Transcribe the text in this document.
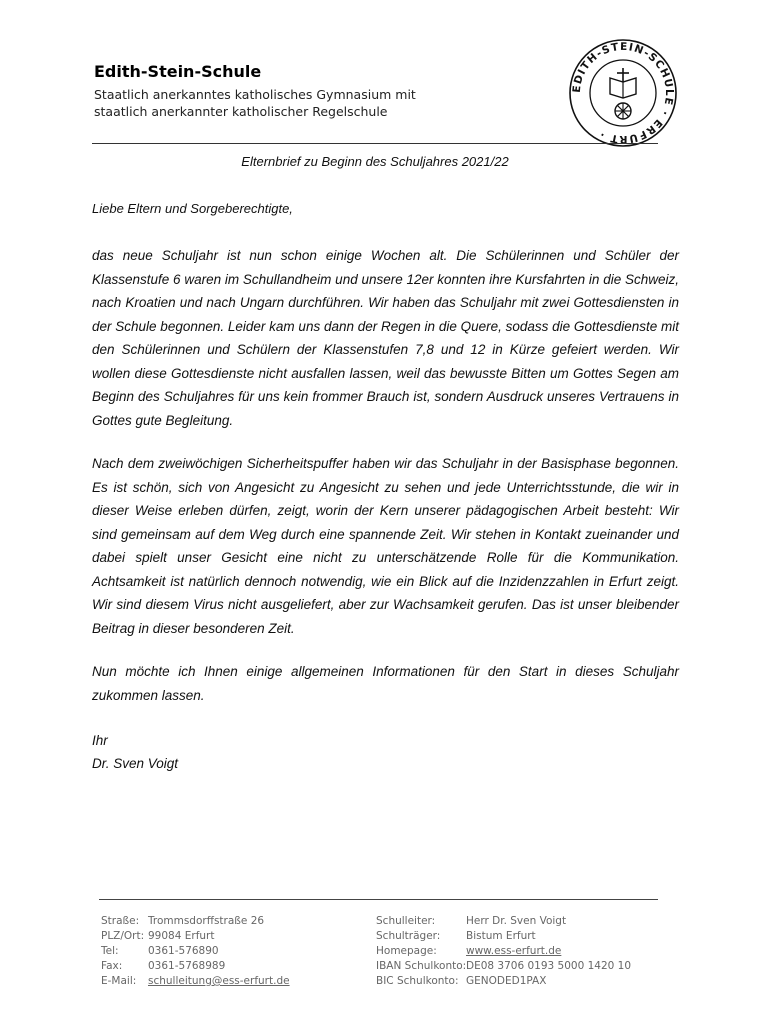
Edith-Stein-Schule
Staatlich anerkanntes katholisches Gymnasium mit
staatlich anerkannter katholischer Regelschule
EDITH-STEIN-SCHULE · ERFURT ·
Elternbrief zu Beginn des Schuljahres 2021/22
Liebe Eltern und Sorgeberechtigte,

das neue Schuljahr ist nun schon einige Wochen alt. Die Schülerinnen und Schüler der Klassenstufe 6 waren im Schullandheim und unsere 12er konnten ihre Kursfahrten in die Schweiz, nach Kroatien und nach Ungarn durchführen. Wir haben das Schuljahr mit zwei Gottesdiensten in der Schule begonnen. Leider kam uns dann der Regen in die Quere, sodass die Gottesdienste mit den Schülerinnen und Schülern der Klassenstufen 7,8 und 12 in Kürze gefeiert werden. Wir wollen diese Gottesdienste nicht ausfallen lassen, weil das bewusste Bitten um Gottes Segen am Beginn des Schuljahres für uns kein frommer Brauch ist, sondern Ausdruck unseres Vertrauens in Gottes gute Begleitung.

Nach dem zweiwöchigen Sicherheitspuffer haben wir das Schuljahr in der Basisphase begonnen. Es ist schön, sich von Angesicht zu Angesicht zu sehen und jede Unterrichtsstunde, die wir in dieser Weise erleben dürfen, zeigt, worin der Kern unserer pädagogischen Arbeit besteht: Wir sind gemeinsam auf dem Weg durch eine spannende Zeit. Wir stehen in Kontakt zueinander und dabei spielt unser Gesicht eine nicht zu unterschätzende Rolle für die Kommunikation. Achtsamkeit ist natürlich dennoch notwendig, wie ein Blick auf die Inzidenzzahlen in Erfurt zeigt. Wir sind diesem Virus nicht ausgeliefert, aber zur Wachsamkeit gerufen. Das ist unser bleibender Beitrag in dieser besonderen Zeit.

Nun möchte ich Ihnen einige allgemeinen Informationen für den Start in dieses Schuljahr zukommen lassen.

Ihr
Dr. Sven Voigt
Straße: Trommsdorffstraße 26
PLZ/Ort: 99084 Erfurt
Tel:	0361-576890
Fax:	0361-5768989
E-Mail:	schulleitung@ess-erfurt.de
Schulleiter:	Herr Dr. Sven Voigt
Schulträger:	Bistum Erfurt
Homepage:	www.ess-erfurt.de
IBAN Schulkonto: DE08 3706 0193 5000 1420 10
BIC Schulkonto: GENODED1PAX
